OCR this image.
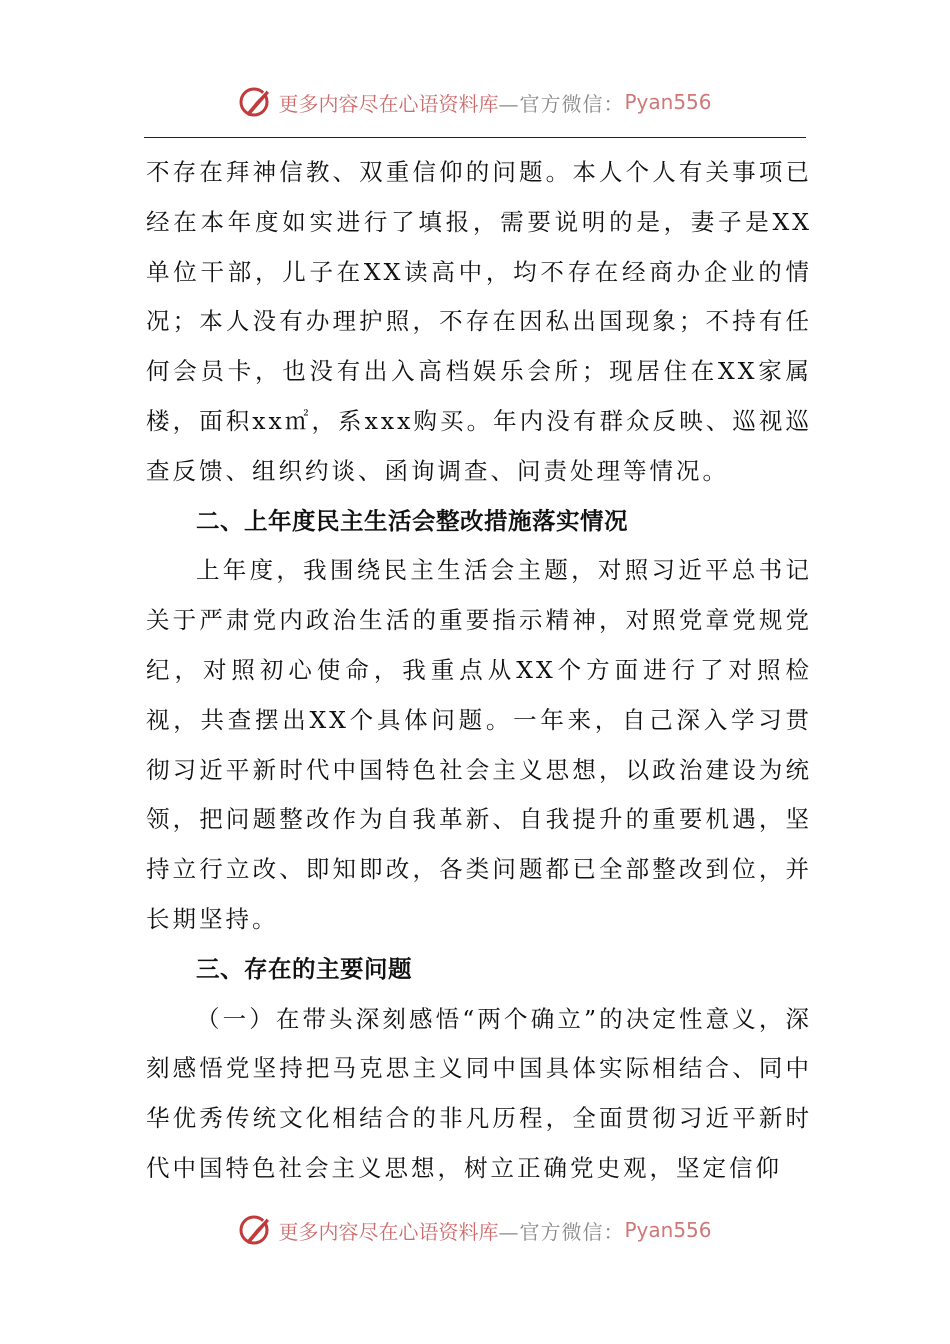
更多内容尽在心语资料库 —官方微信： Pyan556

不存在拜神信教、双重信仰的问题。本人个人有关事项已经在本年度如实进行了填报，需要说明的是，妻子是XX单位干部，儿子在XX读高中，均不存在经商办企业的情况；本人没有办理护照，不存在因私出国现象；不持有任何会员卡，也没有出入高档娱乐会所；现居住在XX家属楼，面积xx㎡，系xxx购买。年内没有群众反映、巡视巡查反馈、组织约谈、函询调查、问责处理等情况。

二、上年度民主生活会整改措施落实情况

上年度，我围绕民主生活会主题，对照习近平总书记关于严肃党内政治生活的重要指示精神，对照党章党规党纪，对照初心使命，我重点从XX个方面进行了对照检视，共查摆出XX个具体问题。一年来，自己深入学习贯彻习近平新时代中国特色社会主义思想，以政治建设为统领，把问题整改作为自我革新、自我提升的重要机遇，坚持立行立改、即知即改，各类问题都已全部整改到位，并长期坚持。

三、存在的主要问题

（一）在带头深刻感悟“两个确立”的决定性意义，深刻感悟党坚持把马克思主义同中国具体实际相结合、同中华优秀传统文化相结合的非凡历程，全面贯彻习近平新时代中国特色社会主义思想，树立正确党史观，坚定信仰

更多内容尽在心语资料库 —官方微信： Pyan556
